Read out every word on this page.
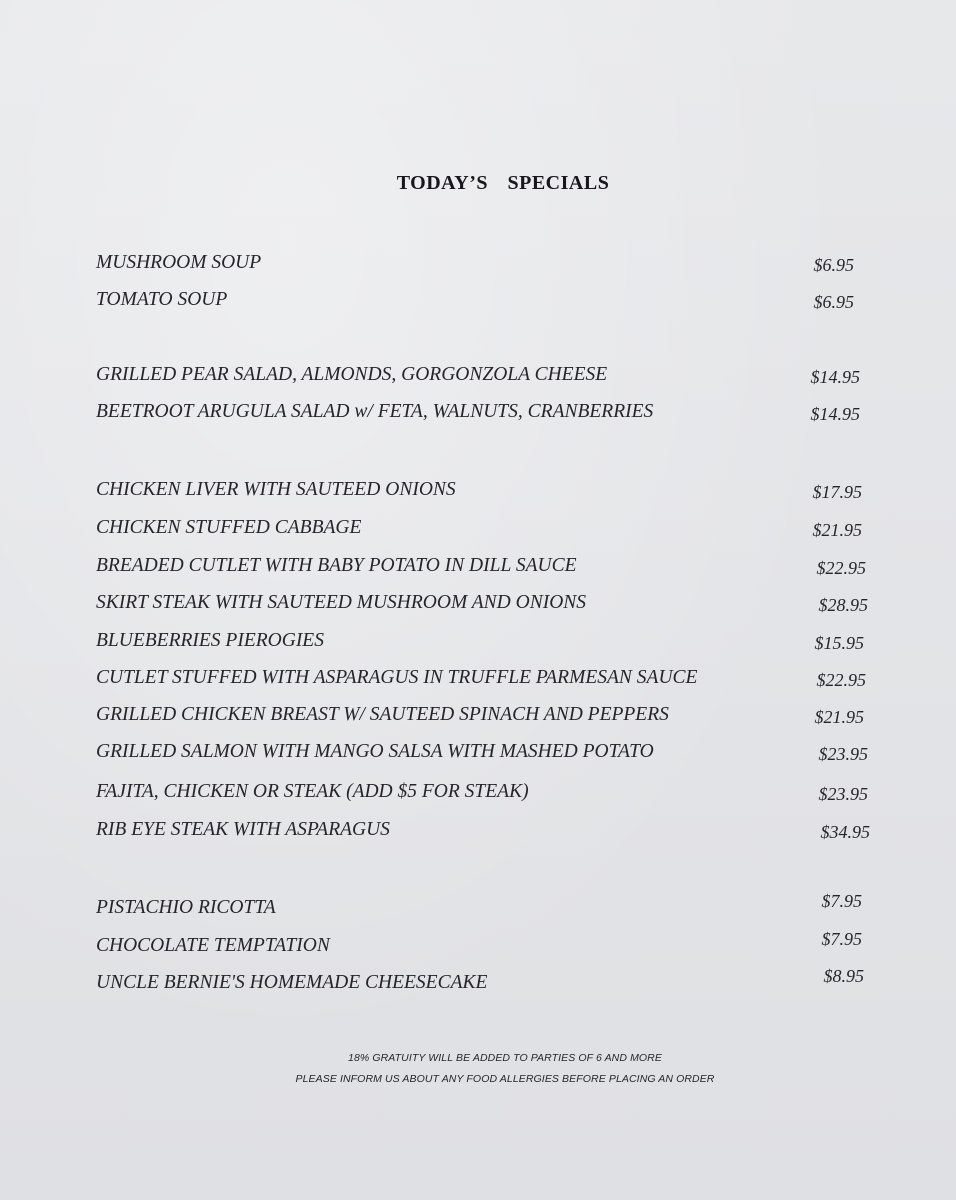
TODAY’S SPECIALS
MUSHROOM SOUP	$6.95
TOMATO SOUP	$6.95
GRILLED PEAR SALAD, ALMONDS, GORGONZOLA CHEESE	$14.95
BEETROOT ARUGULA SALAD w/ FETA, WALNUTS, CRANBERRIES	$14.95
CHICKEN LIVER WITH SAUTEED ONIONS	$17.95
CHICKEN STUFFED CABBAGE	$21.95
BREADED CUTLET WITH BABY POTATO IN DILL SAUCE	$22.95
SKIRT STEAK WITH SAUTEED MUSHROOM AND ONIONS	$28.95
BLUEBERRIES PIEROGIES	$15.95
CUTLET STUFFED WITH ASPARAGUS IN TRUFFLE PARMESAN SAUCE	$22.95
GRILLED CHICKEN BREAST W/ SAUTEED SPINACH AND PEPPERS	$21.95
GRILLED SALMON WITH MANGO SALSA WITH MASHED POTATO	$23.95
FAJITA, CHICKEN OR STEAK (ADD $5 FOR STEAK)	$23.95
RIB EYE STEAK WITH ASPARAGUS	$34.95
PISTACHIO RICOTTA	$7.95
CHOCOLATE TEMPTATION	$7.95
UNCLE BERNIE'S HOMEMADE CHEESECAKE	$8.95
18% GRATUITY WILL BE ADDED TO PARTIES OF 6 AND MORE
PLEASE INFORM US ABOUT ANY FOOD ALLERGIES BEFORE PLACING AN ORDER
